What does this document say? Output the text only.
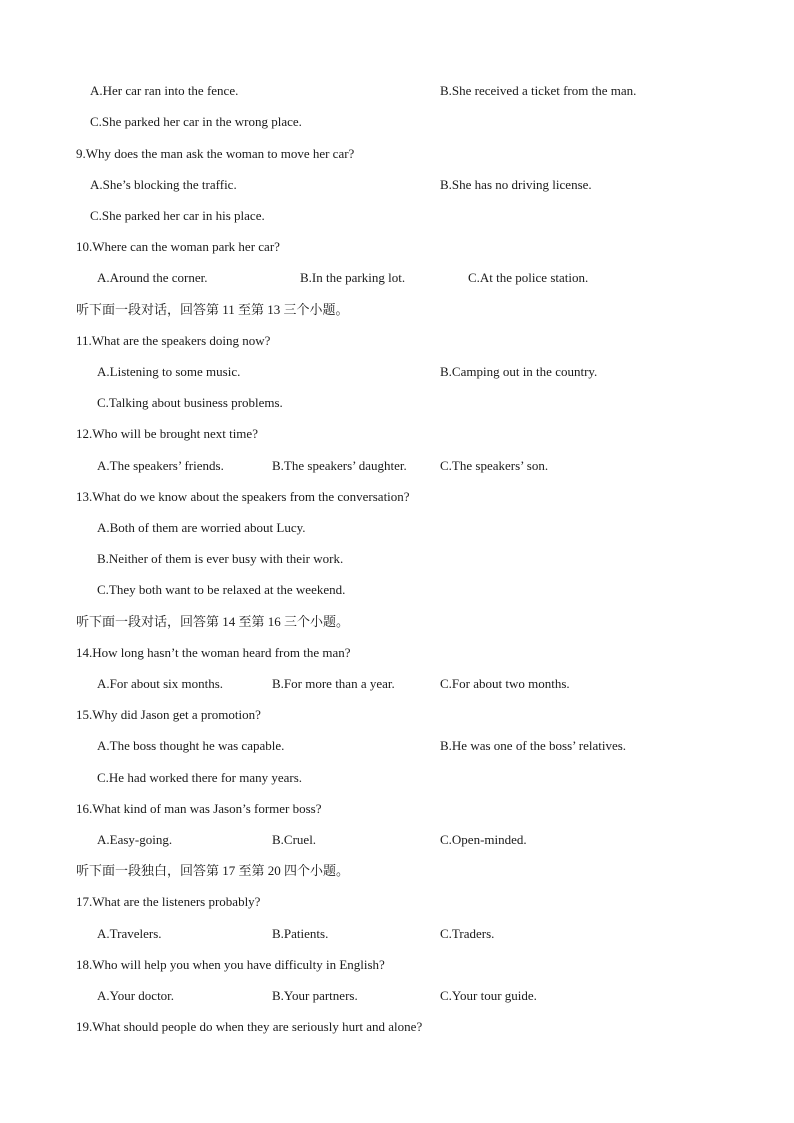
A.Her car ran into the fence.	B.She received a ticket from the man.
C.She parked her car in the wrong place.
9.Why does the man ask the woman to move her car?
A.She’s blocking the traffic.	B.She has no driving license.
C.She parked her car in his place.
10.Where can the woman park her car?
A.Around the corner.	B.In the parking lot.	C.At the police station.
听下面一段对话，回答第 11 至第 13 三个小题。
11.What are the speakers doing now?
A.Listening to some music.	B.Camping out in the country.
C.Talking about business problems.
12.Who will be brought next time?
A.The speakers’ friends.	B.The speakers’ daughter.	C.The speakers’ son.
13.What do we know about the speakers from the conversation?
A.Both of them are worried about Lucy.
B.Neither of them is ever busy with their work.
C.They both want to be relaxed at the weekend.
听下面一段对话，回答第 14 至第 16 三个小题。
14.How long hasn’t the woman heard from the man?
A.For about six months.	B.For more than a year.	C.For about two months.
15.Why did Jason get a promotion?
A.The boss thought he was capable.	B.He was one of the boss’ relatives.
C.He had worked there for many years.
16.What kind of man was Jason’s former boss?
A.Easy-going.	B.Cruel.	C.Open-minded.
听下面一段独白，回答第 17 至第 20 四个小题。
17.What are the listeners probably?
A.Travelers.	B.Patients.	C.Traders.
18.Who will help you when you have difficulty in English?
A.Your doctor.	B.Your partners.	C.Your tour guide.
19.What should people do when they are seriously hurt and alone?
